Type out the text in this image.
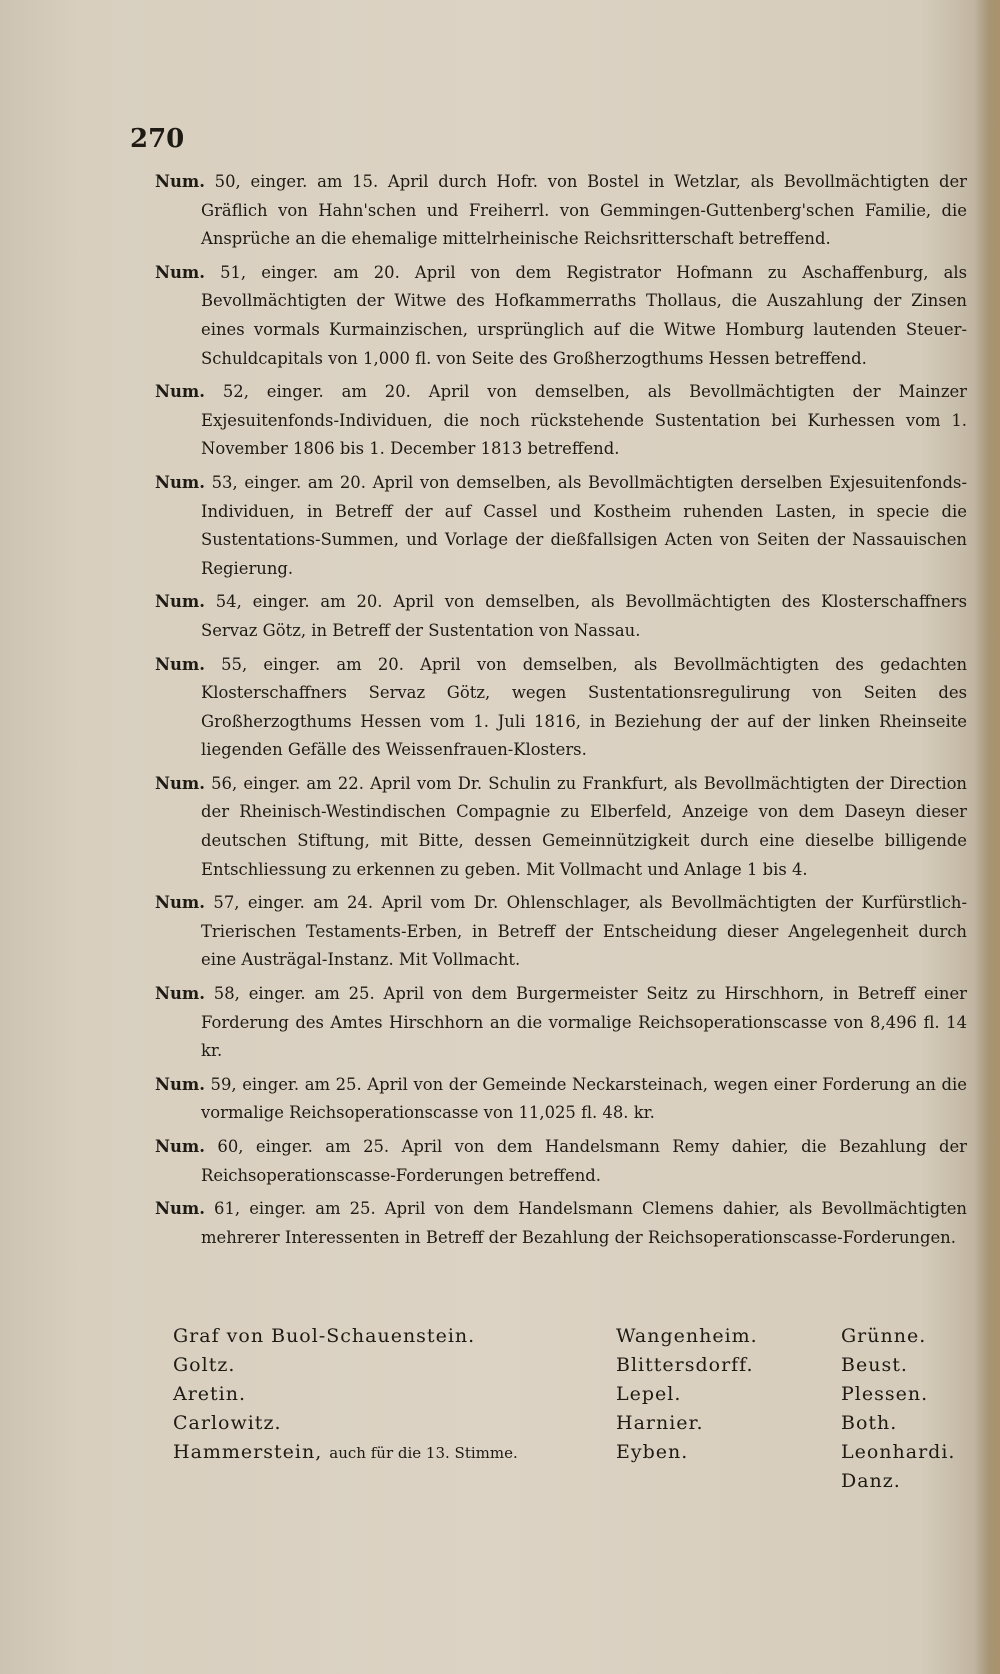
270

Num. 50, einger. am 15. April durch Hofr. von Bostel in Wetzlar, als Bevollmächtigten der Gräflich von Hahn'schen und Freiherrl. von Gemmingen-Guttenberg'schen Familie, die Ansprüche an die ehemalige mittelrheinische Reichsritterschaft betreffend.

Num. 51, einger. am 20. April von dem Registrator Hofmann zu Aschaffenburg, als Bevollmächtigten der Witwe des Hofkammerraths Thollaus, die Auszahlung der Zinsen eines vormals Kurmainzischen, ursprünglich auf die Witwe Homburg lautenden Steuer-Schuldcapitals von 1,000 fl. von Seite des Großherzogthums Hessen betreffend.

Num. 52, einger. am 20. April von demselben, als Bevollmächtigten der Mainzer Exjesuitenfonds-Individuen, die noch rückstehende Sustentation bei Kurhessen vom 1. November 1806 bis 1. December 1813 betreffend.

Num. 53, einger. am 20. April von demselben, als Bevollmächtigten derselben Exjesuitenfonds-Individuen, in Betreff der auf Cassel und Kostheim ruhenden Lasten, in specie die Sustentations-Summen, und Vorlage der dießfallsigen Acten von Seiten der Nassauischen Regierung.

Num. 54, einger. am 20. April von demselben, als Bevollmächtigten des Klosterschaffners Servaz Götz, in Betreff der Sustentation von Nassau.

Num. 55, einger. am 20. April von demselben, als Bevollmächtigten des gedachten Klosterschaffners Servaz Götz, wegen Sustentationsregulirung von Seiten des Großherzogthums Hessen vom 1. Juli 1816, in Beziehung der auf der linken Rheinseite liegenden Gefälle des Weissenfrauen-Klosters.

Num. 56, einger. am 22. April vom Dr. Schulin zu Frankfurt, als Bevollmächtigten der Direction der Rheinisch-Westindischen Compagnie zu Elberfeld, Anzeige von dem Daseyn dieser deutschen Stiftung, mit Bitte, dessen Gemeinnützigkeit durch eine dieselbe billigende Entschliessung zu erkennen zu geben. Mit Vollmacht und Anlage 1 bis 4.

Num. 57, einger. am 24. April vom Dr. Ohlenschlager, als Bevollmächtigten der Kurfürstlich-Trierischen Testaments-Erben, in Betreff der Entscheidung dieser Angelegenheit durch eine Austrägal-Instanz. Mit Vollmacht.

Num. 58, einger. am 25. April von dem Burgermeister Seitz zu Hirschhorn, in Betreff einer Forderung des Amtes Hirschhorn an die vormalige Reichsoperationscasse von 8,496 fl. 14 kr.

Num. 59, einger. am 25. April von der Gemeinde Neckarsteinach, wegen einer Forderung an die vormalige Reichsoperationscasse von 11,025 fl. 48. kr.

Num. 60, einger. am 25. April von dem Handelsmann Remy dahier, die Bezahlung der Reichsoperationscasse-Forderungen betreffend.

Num. 61, einger. am 25. April von dem Handelsmann Clemens dahier, als Bevollmächtigten mehrerer Interessenten in Betreff der Bezahlung der Reichsoperationscasse-Forderungen.

Graf von Buol-Schauenstein.
Goltz.
Aretin.
Carlowitz.
Hammerstein, auch für die 13. Stimme.
Wangenheim.
Blittersdorff.
Lepel.
Harnier.
Eyben.
Grünne.
Beust.
Plessen.
Both.
Leonhardi.
Danz.
